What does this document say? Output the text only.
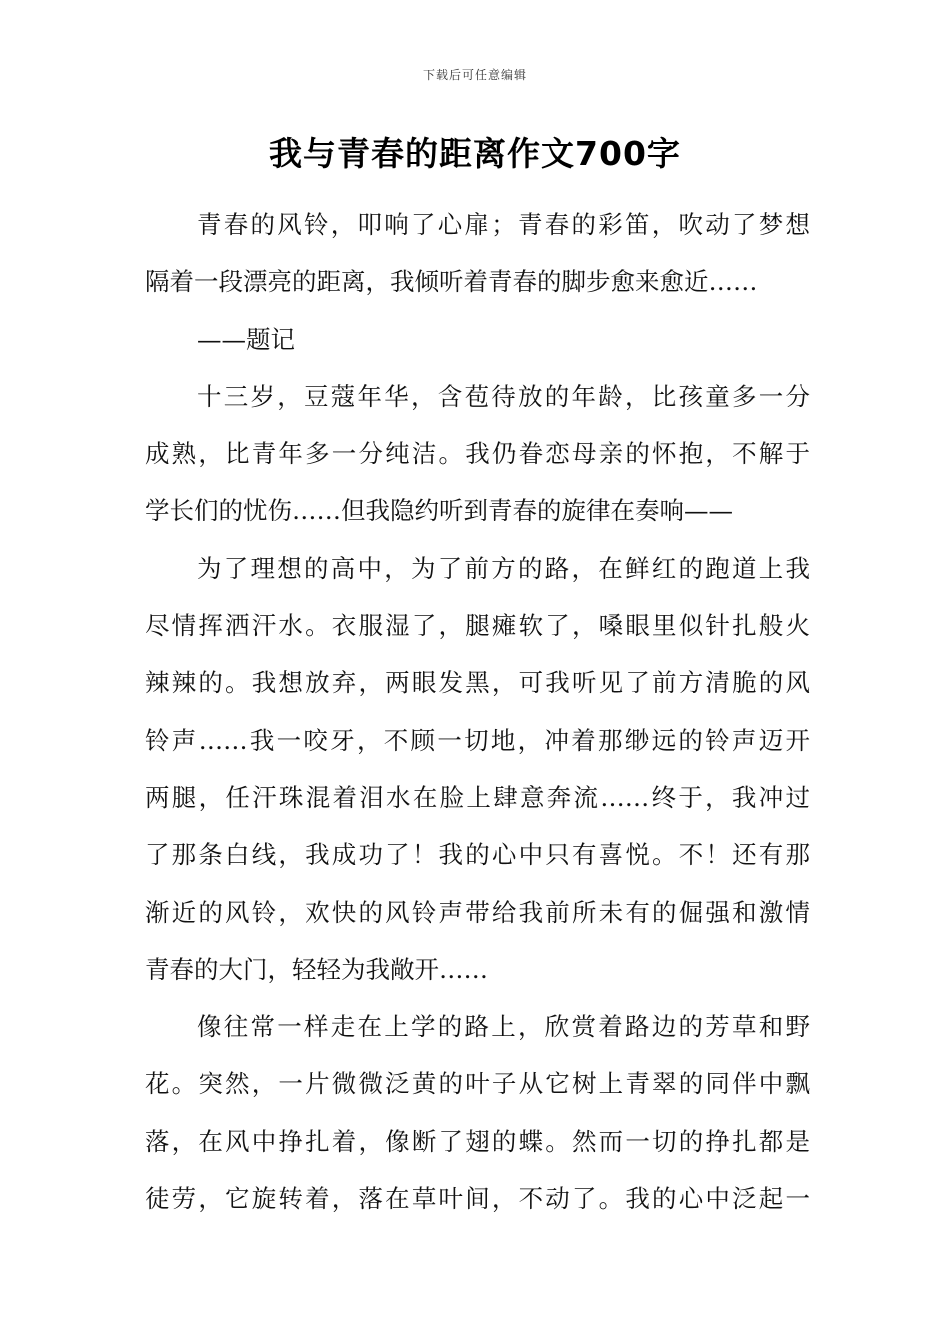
下载后可任意编辑
我与青春的距离作文700字
青春的风铃，叩响了心扉；青春的彩笛，吹动了梦想
隔着一段漂亮的距离，我倾听着青春的脚步愈来愈近……
——题记
十三岁，豆蔻年华，含苞待放的年龄，比孩童多一分
成熟，比青年多一分纯洁。我仍眷恋母亲的怀抱，不解于
学长们的忧伤……但我隐约听到青春的旋律在奏响——
为了理想的高中，为了前方的路，在鲜红的跑道上我
尽情挥洒汗水。衣服湿了，腿瘫软了，嗓眼里似针扎般火
辣辣的。我想放弃，两眼发黑，可我听见了前方清脆的风
铃声……我一咬牙，不顾一切地，冲着那缈远的铃声迈开
两腿，任汗珠混着泪水在脸上肆意奔流……终于，我冲过
了那条白线，我成功了！我的心中只有喜悦。不！还有那
渐近的风铃，欢快的风铃声带给我前所未有的倔强和激情
青春的大门，轻轻为我敞开……
像往常一样走在上学的路上，欣赏着路边的芳草和野
花。突然，一片微微泛黄的叶子从它树上青翠的同伴中飘
落，在风中挣扎着，像断了翅的蝶。然而一切的挣扎都是
徒劳，它旋转着，落在草叶间，不动了。我的心中泛起一
